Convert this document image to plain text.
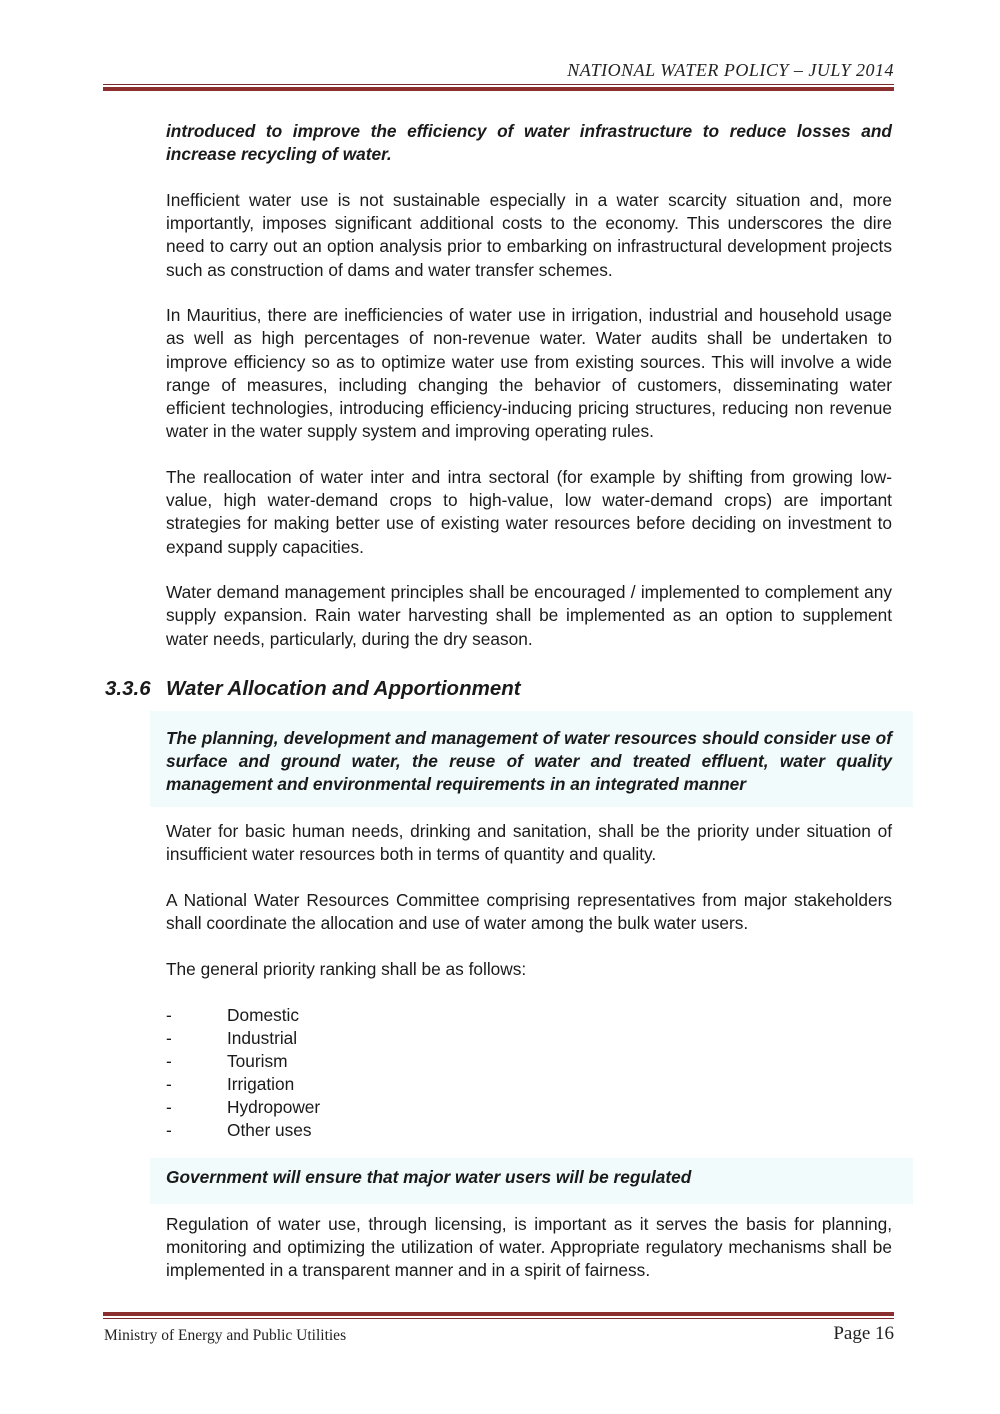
NATIONAL WATER POLICY – JULY 2014

introduced to improve the efficiency of water infrastructure to reduce losses and increase recycling of water.

Inefficient water use is not sustainable especially in a water scarcity situation and, more importantly, imposes significant additional costs to the economy. This underscores the dire need to carry out an option analysis prior to embarking on infrastructural development projects such as construction of dams and water transfer schemes.

In Mauritius, there are inefficiencies of water use in irrigation, industrial and household usage as well as high percentages of non-revenue water. Water audits shall be undertaken to improve efficiency so as to optimize water use from existing sources. This will involve a wide range of measures, including changing the behavior of customers, disseminating water efficient technologies, introducing efficiency-inducing pricing structures, reducing non revenue water in the water supply system and improving operating rules.

The reallocation of water inter and intra sectoral (for example by shifting from growing low-value, high water-demand crops to high-value, low water-demand crops) are important strategies for making better use of existing water resources before deciding on investment to expand supply capacities.

Water demand management principles shall be encouraged / implemented to complement any supply expansion. Rain water harvesting shall be implemented as an option to supplement water needs, particularly, during the dry season.

3.3.6 Water Allocation and Apportionment
The planning, development and management of water resources should consider use of surface and ground water, the reuse of water and treated effluent, water quality management and environmental requirements in an integrated manner

Water for basic human needs, drinking and sanitation, shall be the priority under situation of insufficient water resources both in terms of quantity and quality.

A National Water Resources Committee comprising representatives from major stakeholders shall coordinate the allocation and use of water among the bulk water users.

The general priority ranking shall be as follows:

-	Domestic
-	Industrial
-	Tourism
-	Irrigation
-	Hydropower
-	Other uses
Government will ensure that major water users will be regulated
Regulation of water use, through licensing, is important as it serves the basis for planning, monitoring and optimizing the utilization of water. Appropriate regulatory mechanisms shall be implemented in a transparent manner and in a spirit of fairness.
Ministry of Energy and Public Utilities	Page 16
